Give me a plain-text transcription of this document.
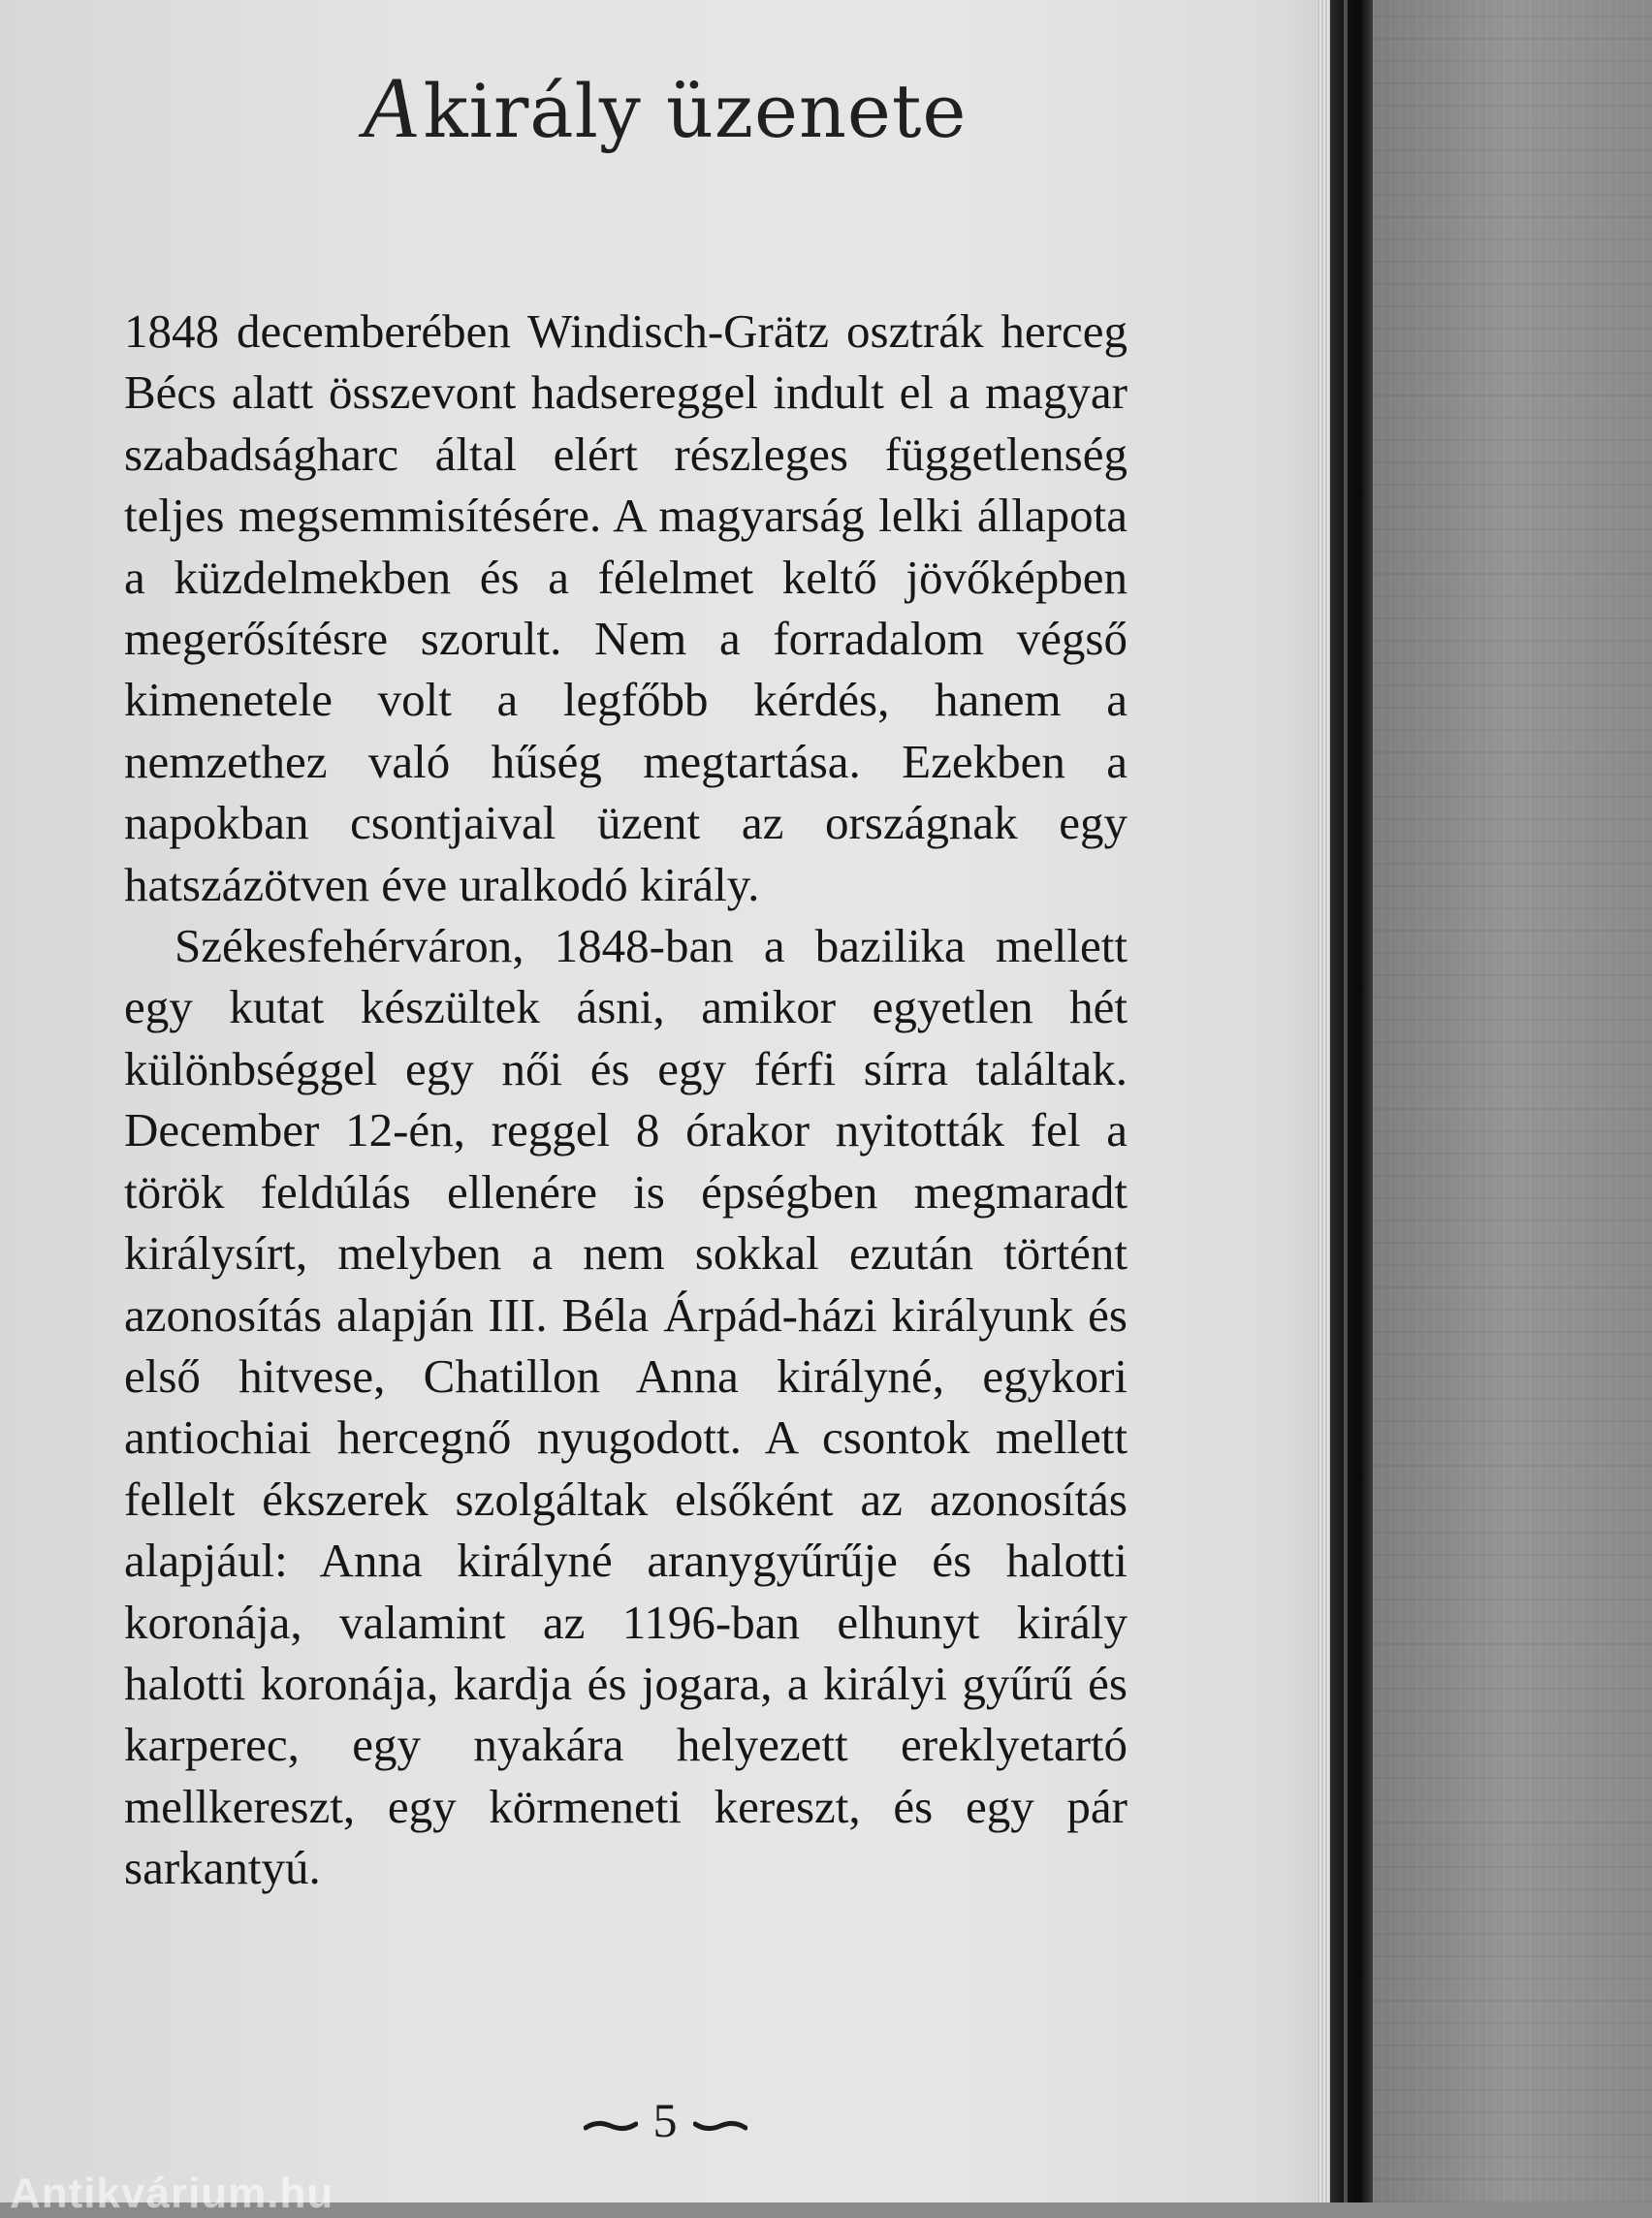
Akirály üzenete

1848 decemberében Windisch-Grätz osztrák herceg Bécs alatt összevont hadsereggel indult el a magyar szabadságharc által elért részleges függetlenség teljes megsemmisítésére. A magyarság lelki állapota a küzdelmekben és a félelmet keltő jövőképben megerősítésre szorult. Nem a forradalom végső kimenetele volt a legfőbb kérdés, hanem a nemzethez való hűség megtartása. Ezekben a napokban csontjaival üzent az országnak egy hatszázötven éve uralkodó király.

Székesfehérváron, 1848-ban a bazilika mellett egy kutat készültek ásni, amikor egyetlen hét különbséggel egy női és egy férfi sírra találtak. December 12-én, reggel 8 órakor nyitották fel a török feldúlás ellenére is épségben megmaradt királysírt, melyben a nem sokkal ezután történt azonosítás alapján III. Béla Árpád-házi királyunk és első hitvese, Chatillon Anna királyné, egykori antiochiai hercegnő nyugodott. A csontok mellett fellelt ékszerek szolgáltak elsőként az azonosítás alapjául: Anna királyné aranygyűrűje és halotti koronája, valamint az 1196-ban elhunyt király halotti koronája, kardja és jogara, a királyi gyűrű és karperec, egy nyakára helyezett ereklyetartó mellkereszt, egy körmeneti kereszt, és egy pár sarkantyú.

5
Antikvárium.hu
